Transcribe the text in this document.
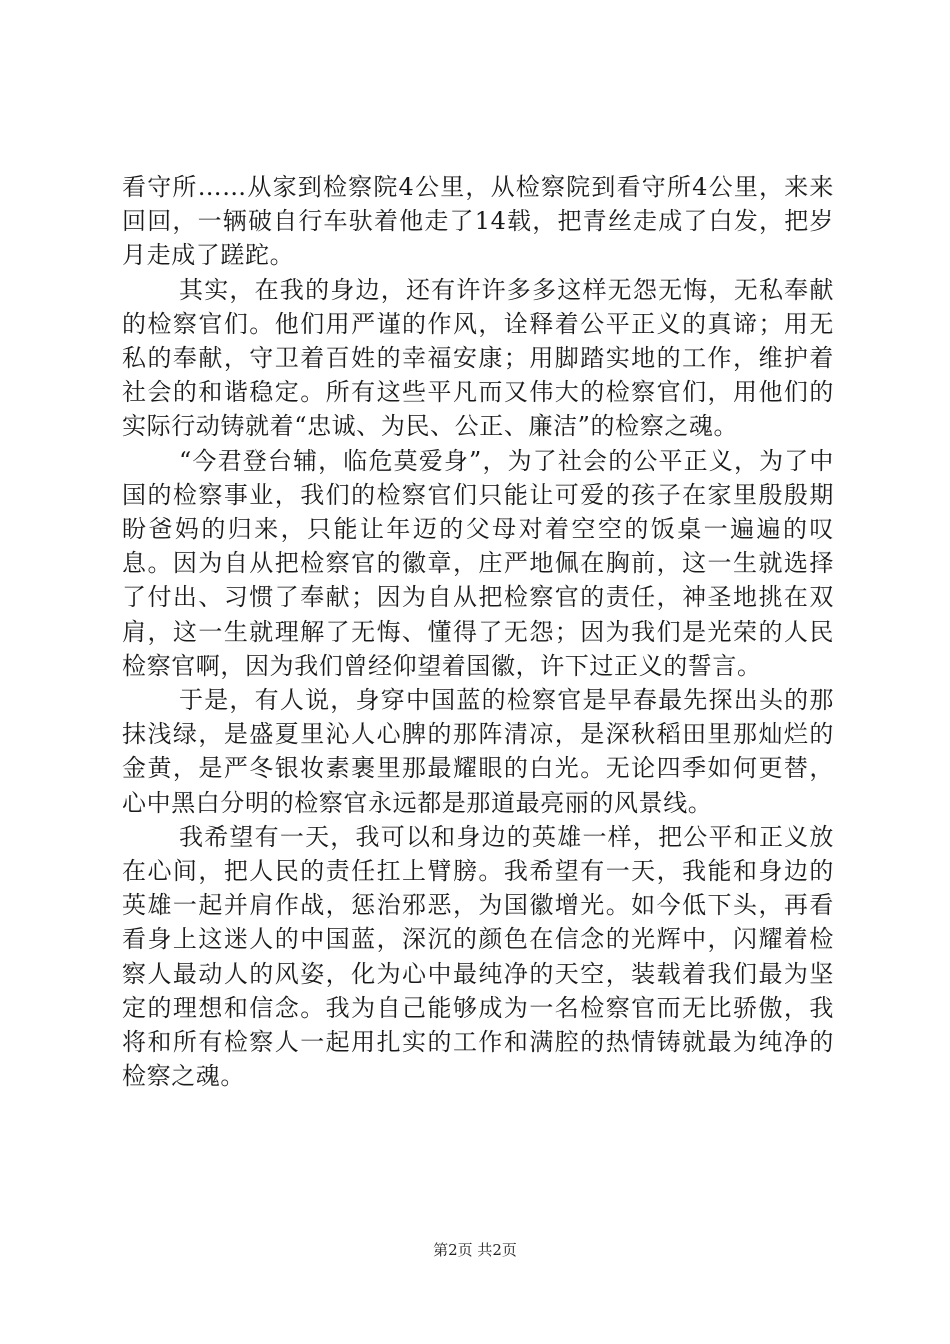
看守所……从家到检察院4公里，从检察院到看守所4公里，来来回回，一辆破自行车驮着他走了14载，把青丝走成了白发，把岁月走成了蹉跎。

其实，在我的身边，还有许许多多这样无怨无悔，无私奉献的检察官们。他们用严谨的作风，诠释着公平正义的真谛；用无私的奉献，守卫着百姓的幸福安康；用脚踏实地的工作，维护着社会的和谐稳定。所有这些平凡而又伟大的检察官们，用他们的实际行动铸就着“忠诚、为民、公正、廉洁”的检察之魂。

“今君登台辅，临危莫爱身”，为了社会的公平正义，为了中国的检察事业，我们的检察官们只能让可爱的孩子在家里殷殷期盼爸妈的归来，只能让年迈的父母对着空空的饭桌一遍遍的叹息。因为自从把检察官的徽章，庄严地佩在胸前，这一生就选择了付出、习惯了奉献；因为自从把检察官的责任，神圣地挑在双肩，这一生就理解了无悔、懂得了无怨；因为我们是光荣的人民检察官啊，因为我们曾经仰望着国徽，许下过正义的誓言。

于是，有人说，身穿中国蓝的检察官是早春最先探出头的那抹浅绿，是盛夏里沁人心脾的那阵清凉，是深秋稻田里那灿烂的金黄，是严冬银妆素裹里那最耀眼的白光。无论四季如何更替，心中黑白分明的检察官永远都是那道最亮丽的风景线。

我希望有一天，我可以和身边的英雄一样，把公平和正义放在心间，把人民的责任扛上臂膀。我希望有一天，我能和身边的英雄一起并肩作战，惩治邪恶，为国徽增光。如今低下头，再看看身上这迷人的中国蓝，深沉的颜色在信念的光辉中，闪耀着检察人最动人的风姿，化为心中最纯净的天空，装载着我们最为坚定的理想和信念。我为自己能够成为一名检察官而无比骄傲，我将和所有检察人一起用扎实的工作和满腔的热情铸就最为纯净的检察之魂。

第2页 共2页
